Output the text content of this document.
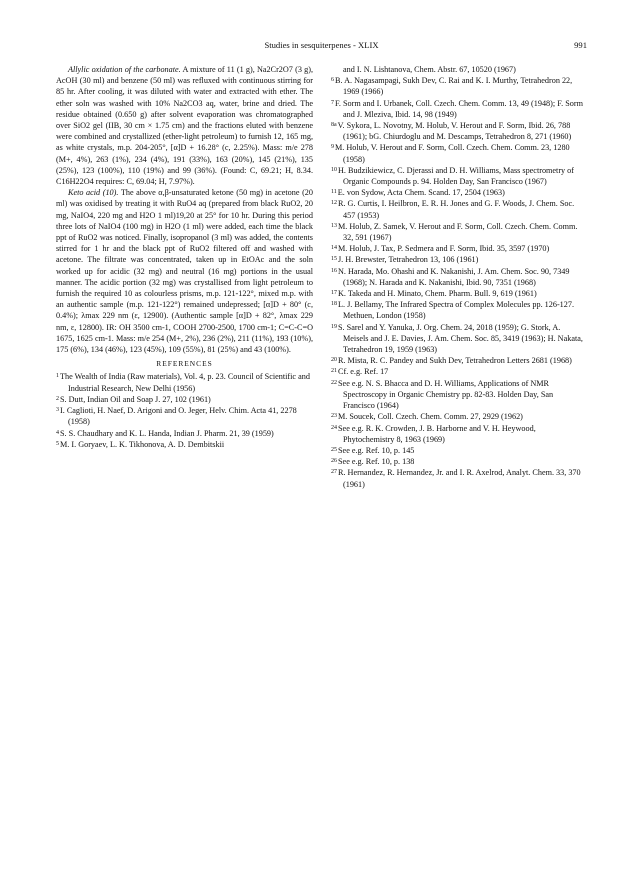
Studies in sesquiterpenes - XLIX	991

Allylic oxidation of the carbonate. A mixture of 11 (1 g), Na2Cr2O7 (3 g), AcOH (30 ml) and benzene (50 ml) was refluxed with continuous stirring for 85 hr. After cooling, it was diluted with water and extracted with ether. The ether soln was washed with 10% Na2CO3 aq, water, brine and dried. The residue obtained (0.650 g) after solvent evaporation was chromatographed over SiO2 gel (IIB, 30 cm × 1.75 cm) and the fractions eluted with benzene were combined and crystallized (ether-light petroleum) to furnish 12, 165 mg, as white crystals, m.p. 204-205°, [α]D + 16.28° (c, 2.25%). Mass: m/e 278 (M+, 4%), 263 (1%), 234 (4%), 191 (33%), 163 (20%), 145 (21%), 135 (25%), 123 (100%), 110 (19%) and 99 (36%). (Found: C, 69.21; H, 8.34. C16H22O4 requires: C, 69.04; H, 7.97%).

Keto acid (10). The above α,β-unsaturated ketone (50 mg) in acetone (20 ml) was oxidised by treating it with RuO4 aq (prepared from black RuO2, 20 mg, NaIO4, 220 mg and H2O 1 ml)19,20 at 25° for 10 hr. During this period three lots of NaIO4 (100 mg) in H2O (1 ml) were added, each time the black ppt of RuO2 was noticed. Finally, isopropanol (3 ml) was added, the contents stirred for 1 hr and the black ppt of RuO2 filtered off and washed with acetone. The filtrate was concentrated, taken up in EtOAc and the soln worked up for acidic (32 mg) and neutral (16 mg) portions in the usual manner. The acidic portion (32 mg) was crystallised from light petroleum to furnish the required 10 as colourless prisms, m.p. 121-122°, mixed m.p. with an authentic sample (m.p. 121-122°) remained undepressed; [α]D + 80° (c, 0.4%); λmax 229 nm (ε, 12900). (Authentic sample [α]D + 82°, λmax 229 nm, ε, 12800). IR: OH 3500 cm-1, COOH 2700-2500, 1700 cm-1; C=C-C=O 1675, 1625 cm-1. Mass: m/e 254 (M+, 2%), 236 (2%), 211 (11%), 193 (10%), 175 (6%), 134 (46%), 123 (45%), 109 (55%), 81 (25%) and 43 (100%).

REFERENCES

$^1$The Wealth of India (Raw materials), Vol. 4, p. 23. Council of Scientific and Industrial Research, New Delhi (1956)

$^2$S. Dutt, Indian Oil and Soap J. 27, 102 (1961)

$^3$I. Caglioti, H. Naef, D. Arigoni and O. Jeger, Helv. Chim. Acta 41, 2278 (1958)

$^4$S. S. Chaudhary and K. L. Handa, Indian J. Pharm. 21, 39 (1959)

$^5$M. I. Goryaev, L. K. Tikhonova, A. D. Dembitskii

and I. N. Lishtanova, Chem. Abstr. 67, 10520 (1967)

$^6$B. A. Nagasampagi, Sukh Dev, C. Rai and K. I. Murthy, Tetrahedron 22, 1969 (1966)

$^7$F. Sorm and I. Urbanek, Coll. Czech. Chem. Comm. 13, 49 (1948); F. Sorm and J. Mleziva, Ibid. 14, 98 (1949)

$^{8a}$V. Sykora, L. Novotny, M. Holub, V. Herout and F. Sorm, Ibid. 26, 788 (1961); bG. Chiurdoglu and M. Descamps, Tetrahedron 8, 271 (1960)

$^9$M. Holub, V. Herout and F. Sorm, Coll. Czech. Chem. Comm. 23, 1280 (1958)

$^{10}$H. Budzikiewicz, C. Djerassi and D. H. Williams, Mass spectrometry of Organic Compounds p. 94. Holden Day, San Francisco (1967)

$^{11}$E. von Sydow, Acta Chem. Scand. 17, 2504 (1963)

$^{12}$R. G. Curtis, I. Heilbron, E. R. H. Jones and G. F. Woods, J. Chem. Soc. 457 (1953)

$^{13}$M. Holub, Z. Samek, V. Herout and F. Sorm, Coll. Czech. Chem. Comm. 32, 591 (1967)

$^{14}$M. Holub, J. Tax, P. Sedmera and F. Sorm, Ibid. 35, 3597 (1970)

$^{15}$J. H. Brewster, Tetrahedron 13, 106 (1961)

$^{16}$N. Harada, Mo. Ohashi and K. Nakanishi, J. Am. Chem. Soc. 90, 7349 (1968); N. Harada and K. Nakanishi, Ibid. 90, 7351 (1968)

$^{17}$K. Takeda and H. Minato, Chem. Pharm. Bull. 9, 619 (1961)

$^{18}$L. J. Bellamy, The Infrared Spectra of Complex Molecules pp. 126-127. Methuen, London (1958)

$^{19}$S. Sarel and Y. Yanuka, J. Org. Chem. 24, 2018 (1959); G. Stork, A. Meisels and J. E. Davies, J. Am. Chem. Soc. 85, 3419 (1963); H. Nakata, Tetrahedron 19, 1959 (1963)

$^{20}$R. Mista, R. C. Pandey and Sukh Dev, Tetrahedron Letters 2681 (1968)

$^{21}$Cf. e.g. Ref. 17

$^{22}$See e.g. N. S. Bhacca and D. H. Williams, Applications of NMR Spectroscopy in Organic Chemistry pp. 82-83. Holden Day, San Francisco (1964)

$^{23}$M. Soucek, Coll. Czech. Chem. Comm. 27, 2929 (1962)

$^{24}$See e.g. R. K. Crowden, J. B. Harborne and V. H. Heywood, Phytochemistry 8, 1963 (1969)

$^{25}$See e.g. Ref. 10, p. 145

$^{26}$See e.g. Ref. 10, p. 138

$^{27}$R. Hernandez, R. Hernandez, Jr. and I. R. Axelrod, Analyt. Chem. 33, 370 (1961)
